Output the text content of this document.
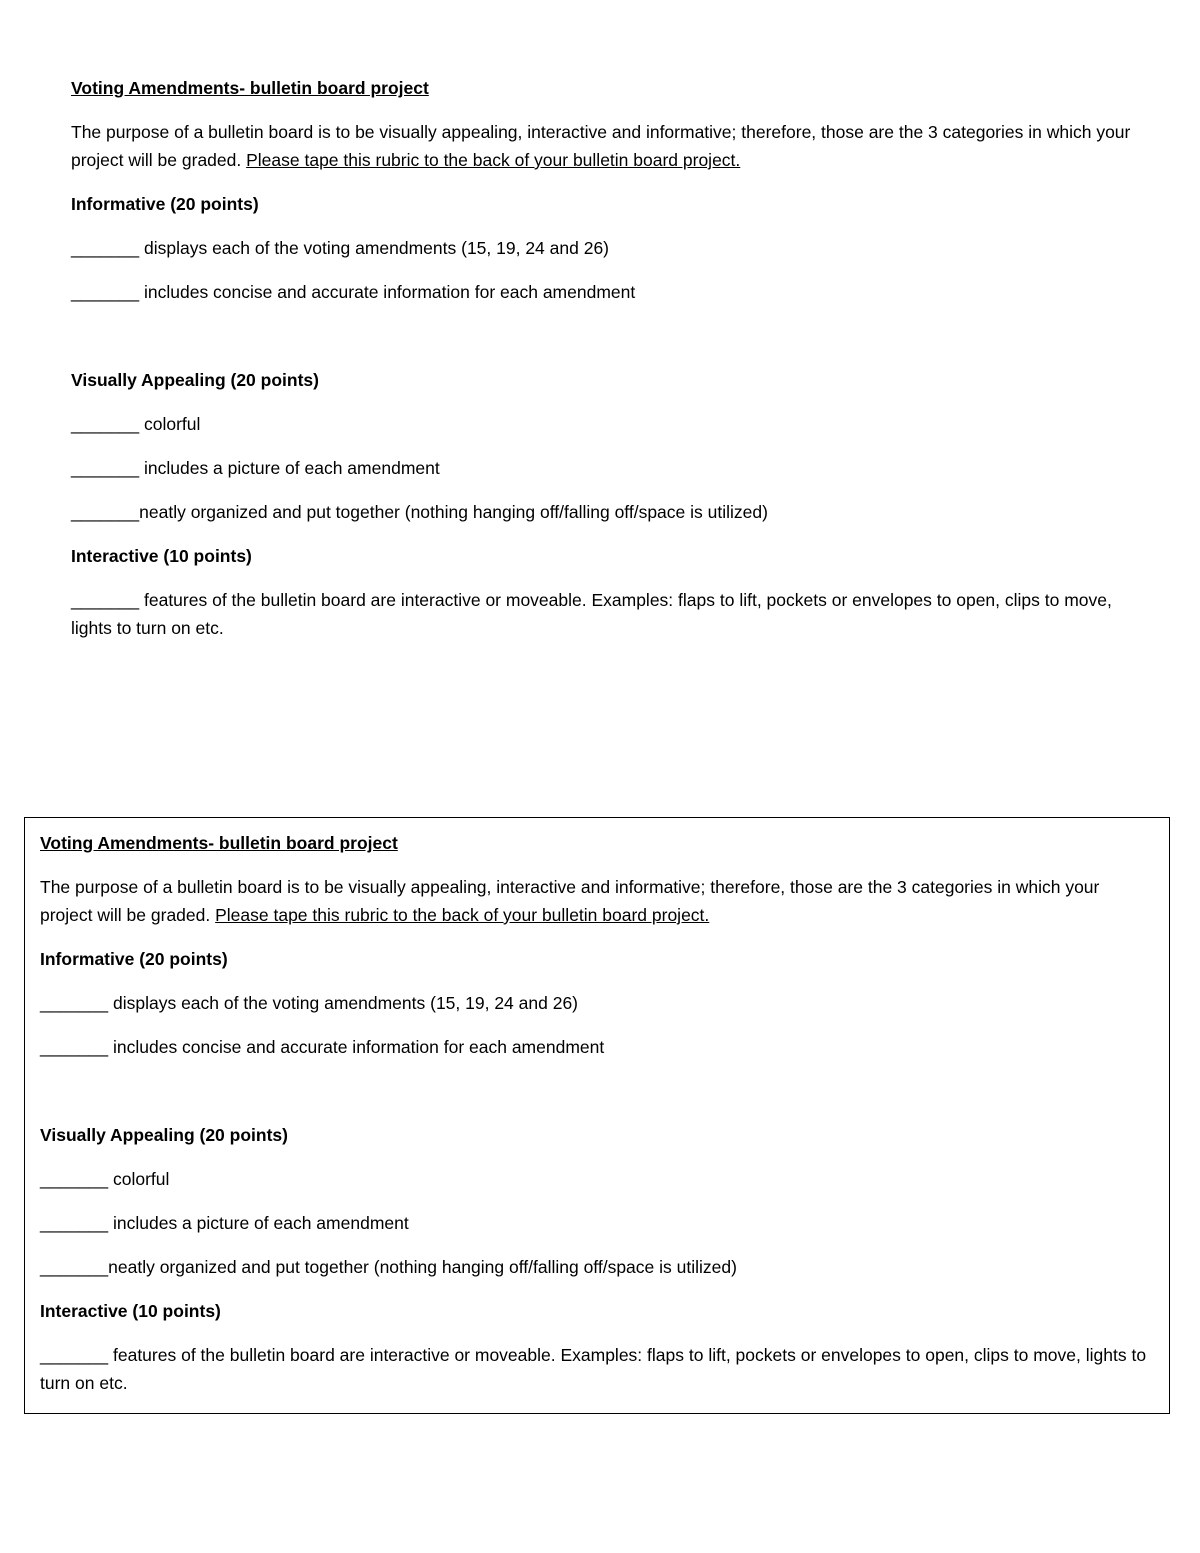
Voting Amendments- bulletin board project
The purpose of a bulletin board is to be visually appealing, interactive and informative; therefore, those are the 3 categories in which your project will be graded. Please tape this rubric to the back of your bulletin board project.
Informative (20 points)
_______ displays each of the voting amendments (15, 19, 24 and 26)
_______ includes concise and accurate information for each amendment
Visually Appealing (20 points)
_______ colorful
_______ includes a picture of each amendment
_______neatly organized and put together (nothing hanging off/falling off/space is utilized)
Interactive (10 points)
_______ features of the bulletin board are interactive or moveable. Examples: flaps to lift, pockets or envelopes to open, clips to move, lights to turn on etc.
Voting Amendments- bulletin board project
The purpose of a bulletin board is to be visually appealing, interactive and informative; therefore, those are the 3 categories in which your project will be graded. Please tape this rubric to the back of your bulletin board project.
Informative (20 points)
_______ displays each of the voting amendments (15, 19, 24 and 26)
_______ includes concise and accurate information for each amendment
Visually Appealing (20 points)
_______ colorful
_______ includes a picture of each amendment
_______neatly organized and put together (nothing hanging off/falling off/space is utilized)
Interactive (10 points)
_______ features of the bulletin board are interactive or moveable. Examples: flaps to lift, pockets or envelopes to open, clips to move, lights to turn on etc.
